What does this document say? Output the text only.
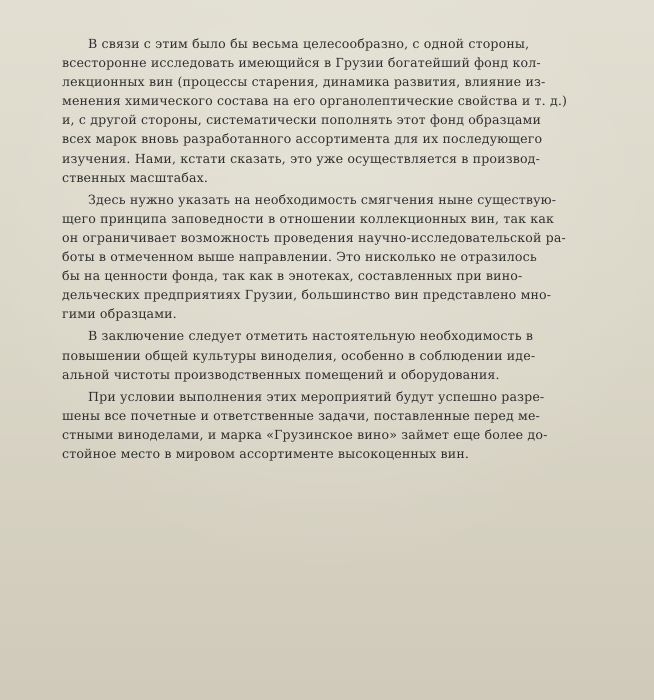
В связи с этим было бы весьма целесообразно, с одной стороны,
всесторонне исследовать имеющийся в Грузии богатейший фонд кол-
лекционных вин (процессы старения, динамика развития, влияние из-
менения химического состава на его органолептические свойства и т. д.)
и, с другой стороны, систематически пополнять этот фонд образцами
всех марок вновь разработанного ассортимента для их последующего
изучения. Нами, кстати сказать, это уже осуществляется в производ-
ственных масштабах.
Здесь нужно указать на необходимость смягчения ныне существую-
щего принципа заповедности в отношении коллекционных вин, так как
он ограничивает возможность проведения научно-исследовательской ра-
боты в отмеченном выше направлении. Это нисколько не отразилось
бы на ценности фонда, так как в энотеках, составленных при вино-
дельческих предприятиях Грузии, большинство вин представлено мно-
гими образцами.
В заключение следует отметить настоятельную необходимость в
повышении общей культуры виноделия, особенно в соблюдении иде-
альной чистоты производственных помещений и оборудования.
При условии выполнения этих мероприятий будут успешно разре-
шены все почетные и ответственные задачи, поставленные перед ме-
стными виноделами, и марка «Грузинское вино» займет еще более до-
стойное место в мировом ассортименте высокоценных вин.
